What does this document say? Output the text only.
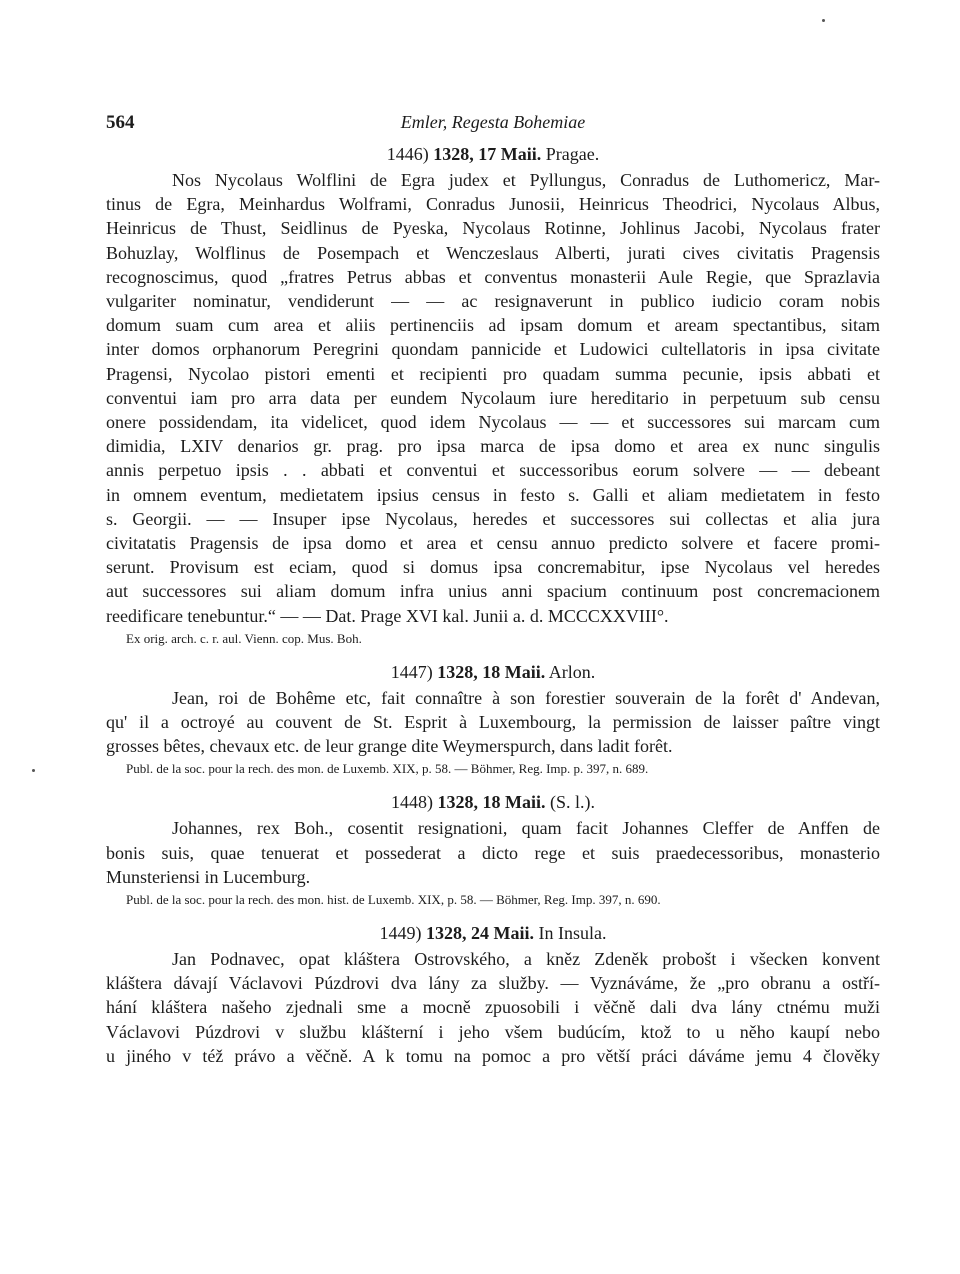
564	Emler, Regesta Bohemiae
1446) 1328, 17 Maii. Pragae.
Nos Nycolaus Wolflini de Egra judex et Pyllungus, Conradus de Luthomericz, Mar-
tinus de Egra, Meinhardus Wolframi, Conradus Junosii, Heinricus Theodrici, Nycolaus Albus,
Heinricus de Thust, Seidlinus de Pyeska, Nycolaus Rotinne, Johlinus Jacobi, Nycolaus frater
Bohuzlay, Wolflinus de Posempach et Wenczeslaus Alberti, jurati cives civitatis Pragensis
recognoscimus, quod „fratres Petrus abbas et conventus monasterii Aule Regie, que Sprazlavia
vulgariter nominatur, vendiderunt — — ac resignaverunt in publico iudicio coram nobis
domum suam cum area et aliis pertinenciis ad ipsam domum et aream spectantibus, sitam
inter domos orphanorum Peregrini quondam pannicide et Ludowici cultellatoris in ipsa civitate
Pragensi, Nycolao pistori ementi et recipienti pro quadam summa pecunie, ipsis abbati et
conventui iam pro arra data per eundem Nycolaum iure hereditario in perpetuum sub censu
onere possidendam, ita videlicet, quod idem Nycolaus — — et successores sui marcam cum
dimidia, LXIV denarios gr. prag. pro ipsa marca de ipsa domo et area ex nunc singulis
annis perpetuo ipsis . . abbati et conventui et successoribus eorum solvere — — debeant
in omnem eventum, medietatem ipsius census in festo s. Galli et aliam medietatem in festo
s. Georgii. — — Insuper ipse Nycolaus, heredes et successores sui collectas et alia jura
civitatatis Pragensis de ipsa domo et area et censu annuo predicto solvere et facere promi-
serunt. Provisum est eciam, quod si domus ipsa concremabitur, ipse Nycolaus vel heredes
aut successores sui aliam domum infra unius anni spacium continuum post concremacionem
reedificare tenebuntur.“ — — Dat. Prage XVI kal. Junii a. d. MCCCXXVIII°.
Ex orig. arch. c. r. aul. Vienn. cop. Mus. Boh.
1447) 1328, 18 Maii. Arlon.
Jean, roi de Bohême etc, fait connaître à son forestier souverain de la forêt d' Andevan,
qu' il a octroyé au couvent de St. Esprit à Luxembourg, la permission de laisser paître vingt
grosses bêtes, chevaux etc. de leur grange dite Weymerspurch, dans ladit forêt.
Publ. de la soc. pour la rech. des mon. de Luxemb. XIX, p. 58. — Böhmer, Reg. Imp. p. 397, n. 689.
1448) 1328, 18 Maii. (S. l.).
Johannes, rex Boh., cosentit resignationi, quam facit Johannes Cleffer de Anffen de
bonis suis, quae tenuerat et possederat a dicto rege et suis praedecessoribus, monasterio
Munsteriensi in Lucemburg.
Publ. de la soc. pour la rech. des mon. hist. de Luxemb. XIX, p. 58. — Böhmer, Reg. Imp. 397, n. 690.
1449) 1328, 24 Maii. In Insula.
Jan Podnavec, opat kláštera Ostrovského, a kněz Zdeněk probošt i všecken konvent
kláštera dávají Václavovi Púzdrovi dva lány za služby. — Vyznáváme, že „pro obranu a ostří-
hání kláštera našeho zjednali sme a mocně zpuosobili i věčně dali dva lány ctnému muži
Václavovi Púzdrovi v službu klášterní i jeho všem budúcím, ktož to u něho kaupí nebo
u jiného v též právo a věčně. A k tomu na pomoc a pro větší práci dáváme jemu 4 člověky
